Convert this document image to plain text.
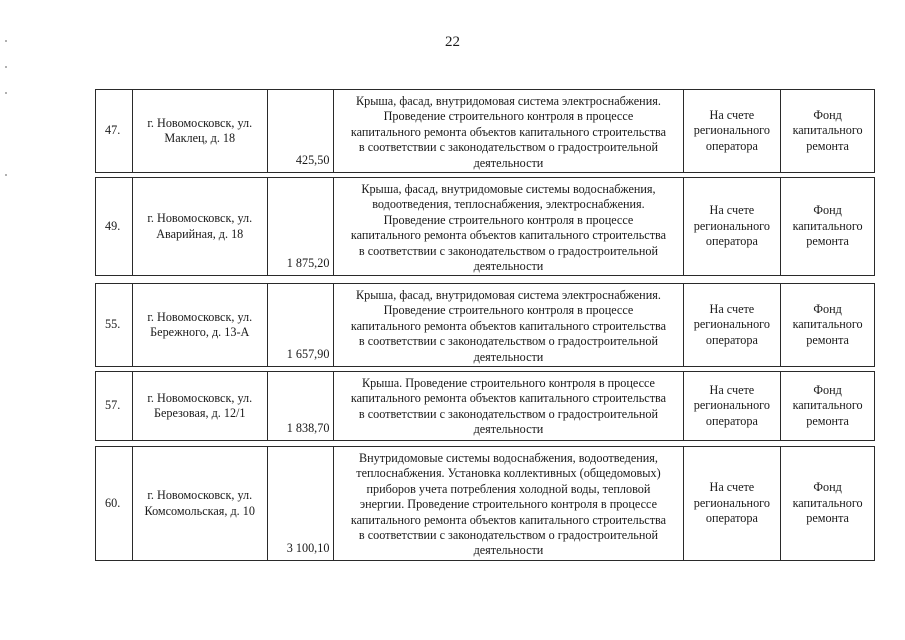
22
47.
г. Новомосковск, ул. Маклец, д. 18
425,50
Крыша, фасад, внутридомовая система электроснабжения.
Проведение строительного контроля в процессе
капитального ремонта объектов капитального строительства
в соответствии с законодательством о градостроительной
деятельности
На счете
регионального
оператора
Фонд
капитального
ремонта
49.
г. Новомосковск, ул. Аварийная, д. 18
1 875,20
Крыша, фасад, внутридомовые системы водоснабжения,
водоотведения, теплоснабжения, электроснабжения.
Проведение строительного контроля в процессе
капитального ремонта объектов капитального строительства
в соответствии с законодательством о градостроительной
деятельности
На счете
регионального
оператора
Фонд
капитального
ремонта
55.
г. Новомосковск, ул. Бережного, д. 13-А
1 657,90
Крыша, фасад, внутридомовая система электроснабжения.
Проведение строительного контроля в процессе
капитального ремонта объектов капитального строительства
в соответствии с законодательством о градостроительной
деятельности
На счете
регионального
оператора
Фонд
капитального
ремонта
57.
г. Новомосковск, ул. Березовая, д. 12/1
1 838,70
Крыша. Проведение строительного контроля в процессе
капитального ремонта объектов капитального строительства
в соответствии с законодательством о градостроительной
деятельности
На счете
регионального
оператора
Фонд
капитального
ремонта
60.
г. Новомосковск, ул. Комсомольская, д. 10
3 100,10
Внутридомовые системы водоснабжения, водоотведения,
теплоснабжения. Установка коллективных (общедомовых)
приборов учета потребления холодной воды, тепловой
энергии. Проведение строительного контроля в процессе
капитального ремонта объектов капитального строительства
в соответствии с законодательством о градостроительной
деятельности
На счете
регионального
оператора
Фонд
капитального
ремонта
